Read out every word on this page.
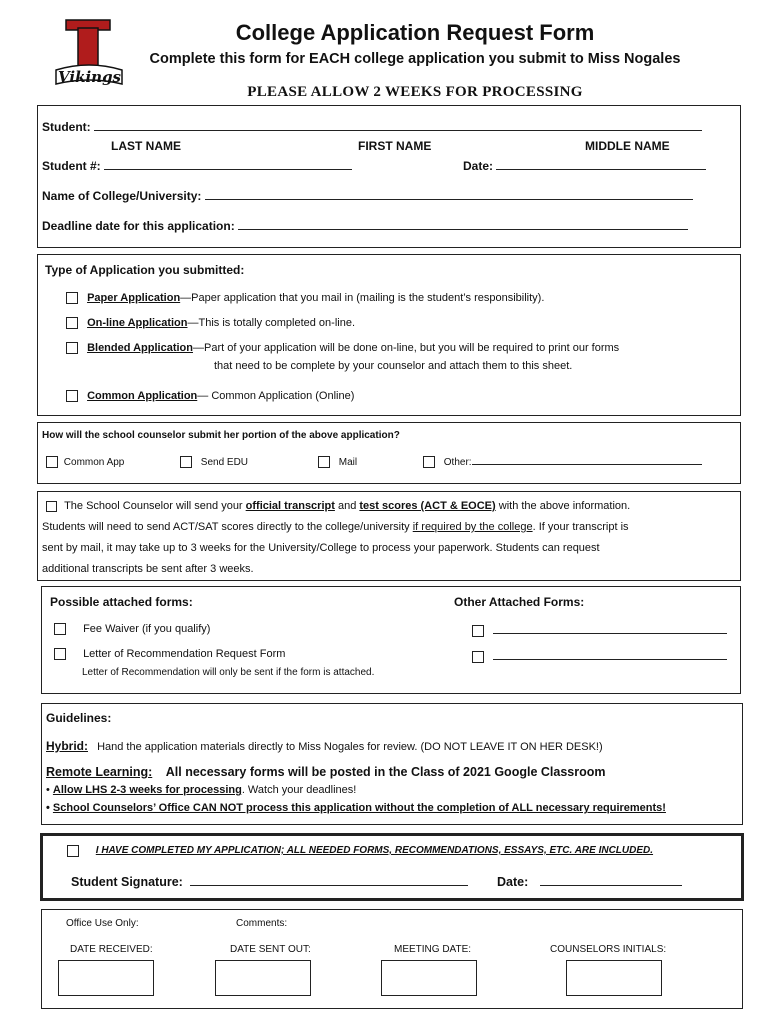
Vikings
College Application Request Form
Complete this form for EACH college application you submit to Miss Nogales
PLEASE ALLOW 2 WEEKS FOR PROCESSING
Student:
LAST NAME	FIRST NAME	MIDDLE NAME
Student #:	Date:
Name of College/University:
Deadline date for this application:
Type of Application you submitted:
Paper Application—Paper application that you mail in (mailing is the student’s responsibility).
On-line Application—This is totally completed on-line.
Blended Application—Part of your application will be done on-line, but you will be required to print our forms
that need to be complete by your counselor and attach them to this sheet.
Common Application— Common Application (Online)
How will the school counselor submit her portion of the above application?
Common App	Send EDU	Mail	Other:
The School Counselor will send your official transcript and test scores (ACT & EOCE) with the above information.
Students will need to send ACT/SAT scores directly to the college/university if required by the college. If your transcript is
sent by mail, it may take up to 3 weeks for the University/College to process your paperwork. Students can request
additional transcripts be sent after 3 weeks.
Possible attached forms:	Other Attached Forms:
Fee Waiver (if you qualify)
Letter of Recommendation Request Form
Letter of Recommendation will only be sent if the form is attached.

Guidelines:
Hybrid: Hand the application materials directly to Miss Nogales for review. (DO NOT LEAVE IT ON HER DESK!)
Remote Learning: All necessary forms will be posted in the Class of 2021 Google Classroom
• Allow LHS 2-3 weeks for processing. Watch your deadlines!
• School Counselors’ Office CAN NOT process this application without the completion of ALL necessary requirements!
I HAVE COMPLETED MY APPLICATION; ALL NEEDED FORMS, RECOMMENDATIONS, ESSAYS, ETC. ARE INCLUDED.
Student Signature:	Date:
Office Use Only:	Comments:
DATE RECEIVED:	DATE SENT OUT:	MEETING DATE:	COUNSELORS INITIALS:
